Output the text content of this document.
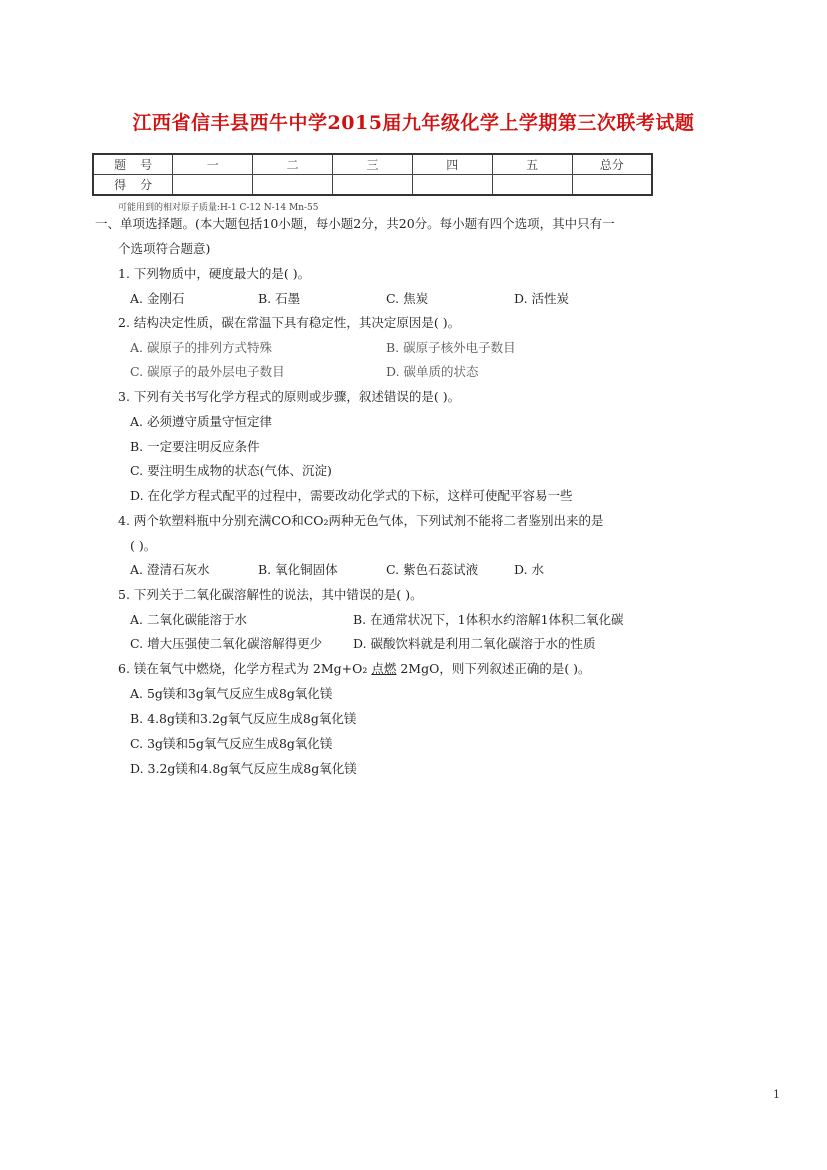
江西省信丰县西牛中学2015届九年级化学上学期第三次联考试题
题号	一	二	三	四	五	总分
得分						
可能用到的相对原子质量:H-1 C-12 N-14 Mn-55
一、单项选择题。(本大题包括10小题，每小题2分，共20分。每小题有四个选项，其中只有一
个选项符合题意)
1. 下列物质中，硬度最大的是( )。
A. 金刚石	B. 石墨	C. 焦炭	D. 活性炭
2. 结构决定性质，碳在常温下具有稳定性，其决定原因是( )。
A. 碳原子的排列方式特殊	B. 碳原子核外电子数目
C. 碳原子的最外层电子数目	D. 碳单质的状态
3. 下列有关书写化学方程式的原则或步骤，叙述错误的是( )。
A. 必须遵守质量守恒定律
B. 一定要注明反应条件
C. 要注明生成物的状态(气体、沉淀)
D. 在化学方程式配平的过程中，需要改动化学式的下标，这样可使配平容易一些
4. 两个软塑料瓶中分别充满CO和CO₂两种无色气体，下列试剂不能将二者鉴别出来的是
( )。
A. 澄清石灰水	B. 氧化铜固体	C. 紫色石蕊试液	D. 水
5. 下列关于二氧化碳溶解性的说法，其中错误的是( )。
A. 二氧化碳能溶于水	B. 在通常状况下，1体积水约溶解1体积二氧化碳
C. 增大压强使二氧化碳溶解得更少 D. 碳酸饮料就是利用二氧化碳溶于水的性质
6. 镁在氧气中燃烧，化学方程式为 2Mg+O₂ 点燃 2MgO，则下列叙述正确的是( )。
A. 5g镁和3g氧气反应生成8g氧化镁
B. 4.8g镁和3.2g氧气反应生成8g氧化镁
C. 3g镁和5g氧气反应生成8g氧化镁
D. 3.2g镁和4.8g氧气反应生成8g氧化镁
1
